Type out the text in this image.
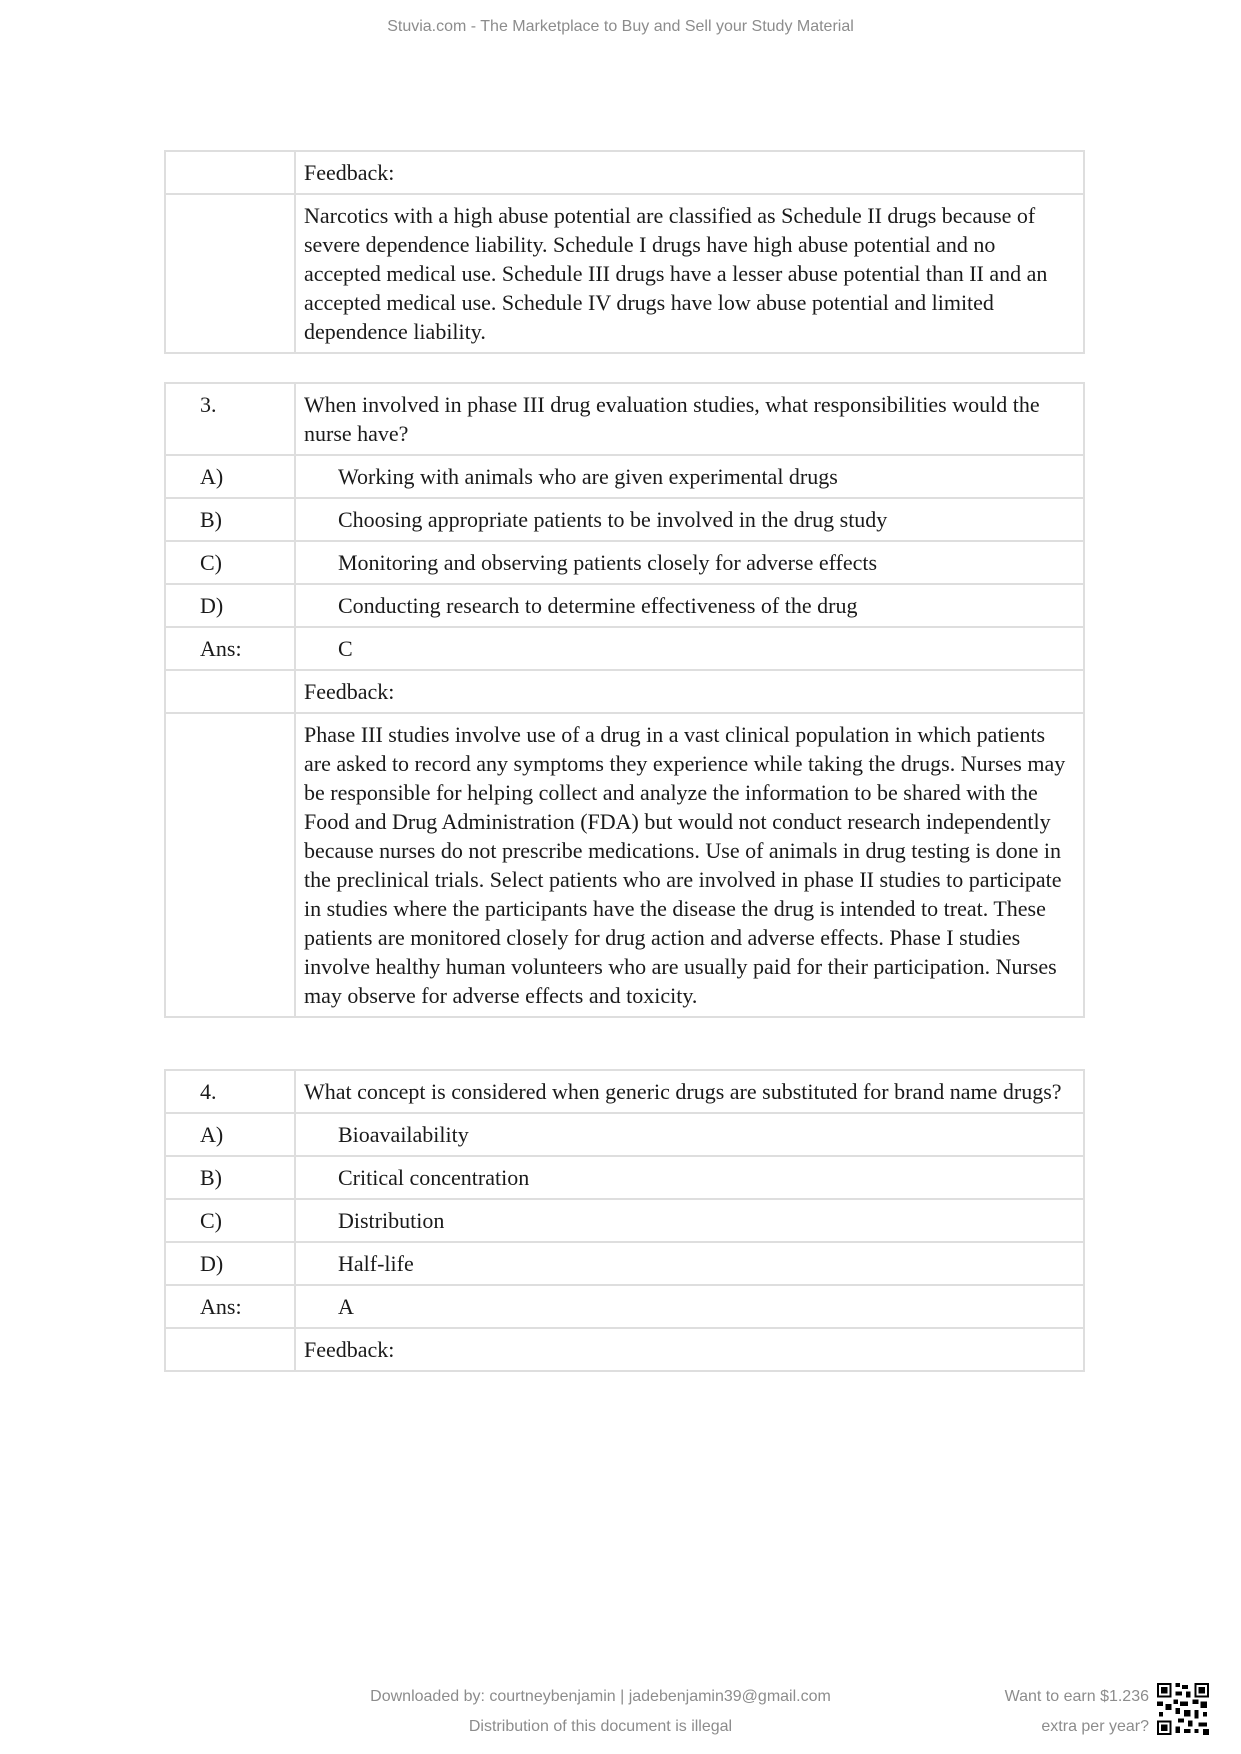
Stuvia.com - The Marketplace to Buy and Sell your Study Material
	Feedback:
	Narcotics with a high abuse potential are classified as Schedule II drugs because of severe dependence liability. Schedule I drugs have high abuse potential and no accepted medical use. Schedule III drugs have a lesser abuse potential than II and an accepted medical use. Schedule IV drugs have low abuse potential and limited dependence liability.
3.	When involved in phase III drug evaluation studies, what responsibilities would the nurse have?
A)	Working with animals who are given experimental drugs
B)	Choosing appropriate patients to be involved in the drug study
C)	Monitoring and observing patients closely for adverse effects
D)	Conducting research to determine effectiveness of the drug
Ans:	C
	Feedback:
	Phase III studies involve use of a drug in a vast clinical population in which patients are asked to record any symptoms they experience while taking the drugs. Nurses may be responsible for helping collect and analyze the information to be shared with the Food and Drug Administration (FDA) but would not conduct research independently because nurses do not prescribe medications. Use of animals in drug testing is done in the preclinical trials. Select patients who are involved in phase II studies to participate in studies where the participants have the disease the drug is intended to treat. These patients are monitored closely for drug action and adverse effects. Phase I studies involve healthy human volunteers who are usually paid for their participation. Nurses may observe for adverse effects and toxicity.
4.	What concept is considered when generic drugs are substituted for brand name drugs?
A)	Bioavailability
B)	Critical concentration
C)	Distribution
D)	Half-life
Ans:	A
	Feedback:
Downloaded by: courtneybenjamin | jadebenjamin39@gmail.com
Distribution of this document is illegal
Want to earn $1.236
extra per year?
